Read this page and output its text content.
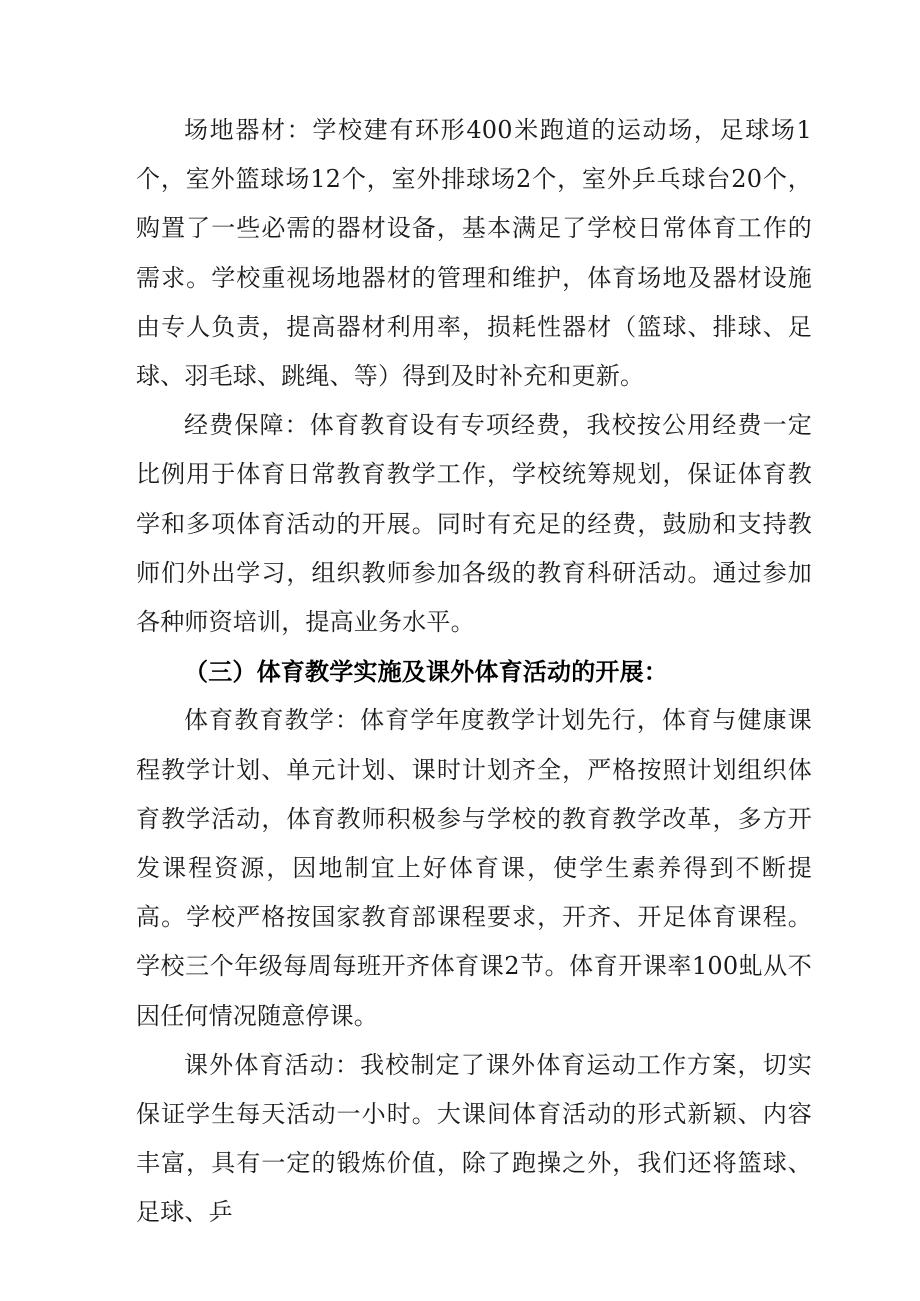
场地器材：学校建有环形400米跑道的运动场，足球场1个，室外篮球场12个，室外排球场2个，室外乒乓球台20个，购置了一些必需的器材设备，基本满足了学校日常体育工作的需求。学校重视场地器材的管理和维护，体育场地及器材设施由专人负责，提高器材利用率，损耗性器材（篮球、排球、足球、羽毛球、跳绳、等）得到及时补充和更新。

经费保障：体育教育设有专项经费，我校按公用经费一定比例用于体育日常教育教学工作，学校统筹规划，保证体育教学和多项体育活动的开展。同时有充足的经费，鼓励和支持教师们外出学习，组织教师参加各级的教育科研活动。通过参加各种师资培训，提高业务水平。

（三）体育教学实施及课外体育活动的开展：

体育教育教学：体育学年度教学计划先行，体育与健康课程教学计划、单元计划、课时计划齐全，严格按照计划组织体育教学活动，体育教师积极参与学校的教育教学改革，多方开发课程资源，因地制宜上好体育课，使学生素养得到不断提高。学校严格按国家教育部课程要求，开齐、开足体育课程。学校三个年级每周每班开齐体育课2节。体育开课率100虬从不因任何情况随意停课。

课外体育活动：我校制定了课外体育运动工作方案，切实保证学生每天活动一小时。大课间体育活动的形式新颖、内容丰富，具有一定的锻炼价值，除了跑操之外，我们还将篮球、足球、乒
